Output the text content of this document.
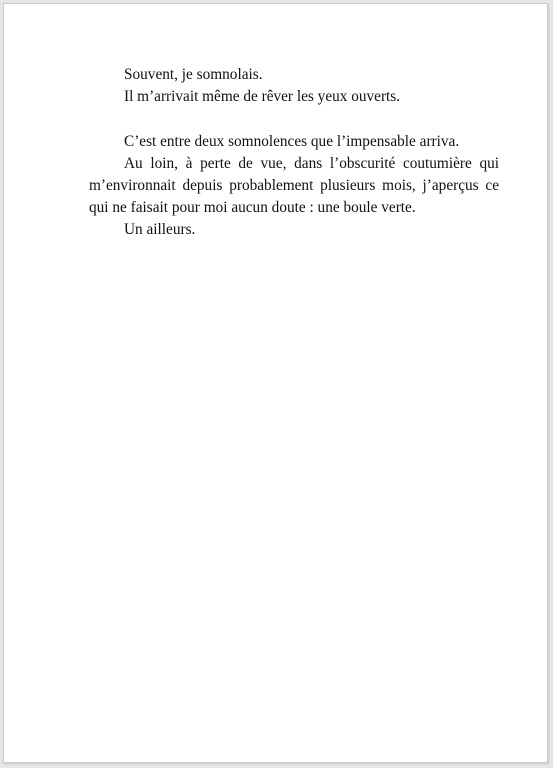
Souvent, je somnolais.

Il m’arrivait même de rêver les yeux ouverts.

C’est entre deux somnolences que l’impensable arriva.

Au loin, à perte de vue, dans l’obscurité coutumière qui m’environnait depuis probablement plusieurs mois, j’aperçus ce qui ne faisait pour moi aucun doute : une boule verte.

Un ailleurs.
